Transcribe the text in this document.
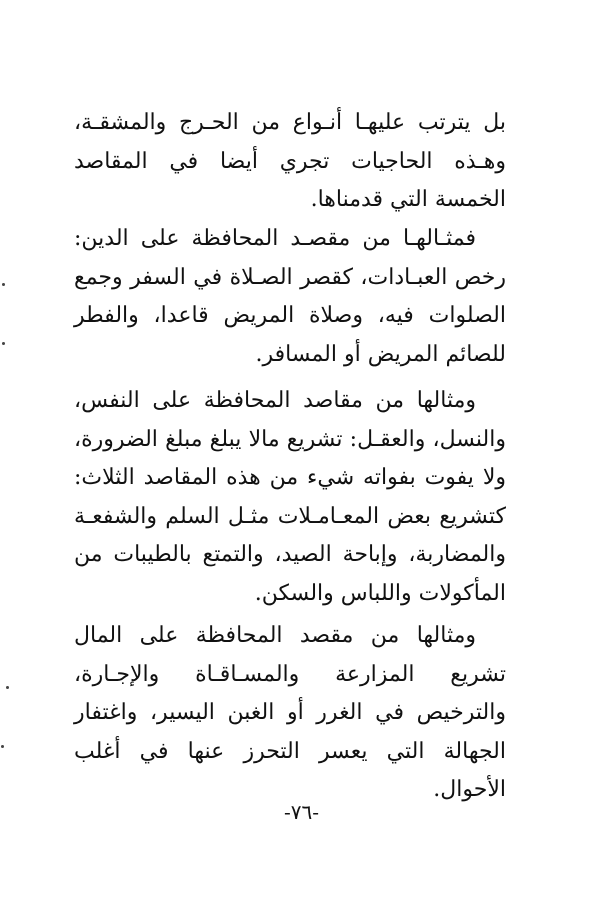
بل يترتب عليهـا أنـواع من الحـرج والمشقـة، وهـذه الحاجيات تجري أيضا في المقاصد الخمسة التي قدمناها.

فمثـالهـا من مقصـد المحافظة على الدين: رخص العبـادات، كقصر الصـلاة في السفر وجمع الصلوات فيه، وصلاة المريض قاعدا، والفطر للصائم المريض أو المسافر.

ومثالها من مقاصد المحافظة على النفس، والنسل، والعقـل: تشريع مالا يبلغ مبلغ الضرورة، ولا يفوت بفواته شيء من هذه المقاصد الثلاث: كتشريع بعض المعـامـلات مثـل السلم والشفعـة والمضاربة، وإباحة الصيد، والتمتع بالطيبات من المأكولات واللباس والسكن.

ومثالها من مقصد المحافظة على المال تشريع المزارعة والمسـاقـاة والإجـارة، والترخيص في الغرر أو الغبن اليسير، واغتفار الجهالة التي يعسر التحرز عنها في أغلب الأحوال.

-٧٦-
